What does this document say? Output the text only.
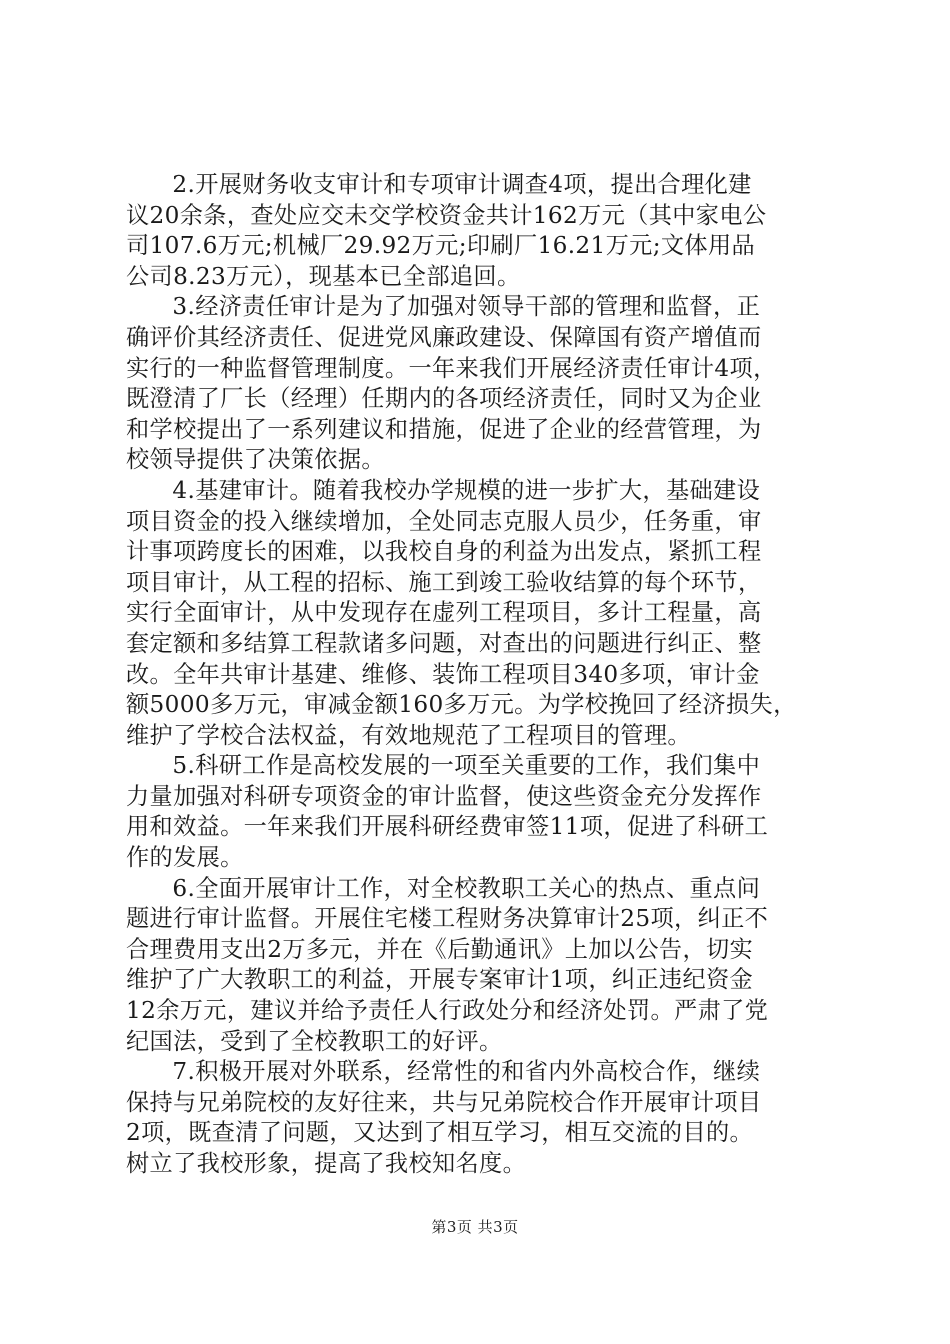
2.开展财务收支审计和专项审计调查4项，提出合理化建
议20余条，查处应交未交学校资金共计162万元（其中家电公
司107.6万元;机械厂29.92万元;印刷厂16.21万元;文体用品
公司8.23万元），现基本已全部追回。

3.经济责任审计是为了加强对领导干部的管理和监督，正
确评价其经济责任、促进党风廉政建设、保障国有资产增值而
实行的一种监督管理制度。一年来我们开展经济责任审计4项，
既澄清了厂长（经理）任期内的各项经济责任，同时又为企业
和学校提出了一系列建议和措施，促进了企业的经营管理，为
校领导提供了决策依据。

4.基建审计。随着我校办学规模的进一步扩大，基础建设
项目资金的投入继续增加，全处同志克服人员少，任务重，审
计事项跨度长的困难，以我校自身的利益为出发点，紧抓工程
项目审计，从工程的招标、施工到竣工验收结算的每个环节，
实行全面审计，从中发现存在虚列工程项目，多计工程量，高
套定额和多结算工程款诸多问题，对查出的问题进行纠正、整
改。全年共审计基建、维修、装饰工程项目340多项，审计金
额5000多万元，审减金额160多万元。为学校挽回了经济损失，
维护了学校合法权益，有效地规范了工程项目的管理。

5.科研工作是高校发展的一项至关重要的工作，我们集中
力量加强对科研专项资金的审计监督，使这些资金充分发挥作
用和效益。一年来我们开展科研经费审签11项，促进了科研工
作的发展。

6.全面开展审计工作，对全校教职工关心的热点、重点问
题进行审计监督。开展住宅楼工程财务决算审计25项，纠正不
合理费用支出2万多元，并在《后勤通讯》上加以公告，切实
维护了广大教职工的利益，开展专案审计1项，纠正违纪资金
12余万元，建议并给予责任人行政处分和经济处罚。严肃了党
纪国法，受到了全校教职工的好评。

7.积极开展对外联系，经常性的和省内外高校合作，继续
保持与兄弟院校的友好往来，共与兄弟院校合作开展审计项目
2项，既查清了问题，又达到了相互学习，相互交流的目的。
树立了我校形象，提高了我校知名度。

第3页 共3页
